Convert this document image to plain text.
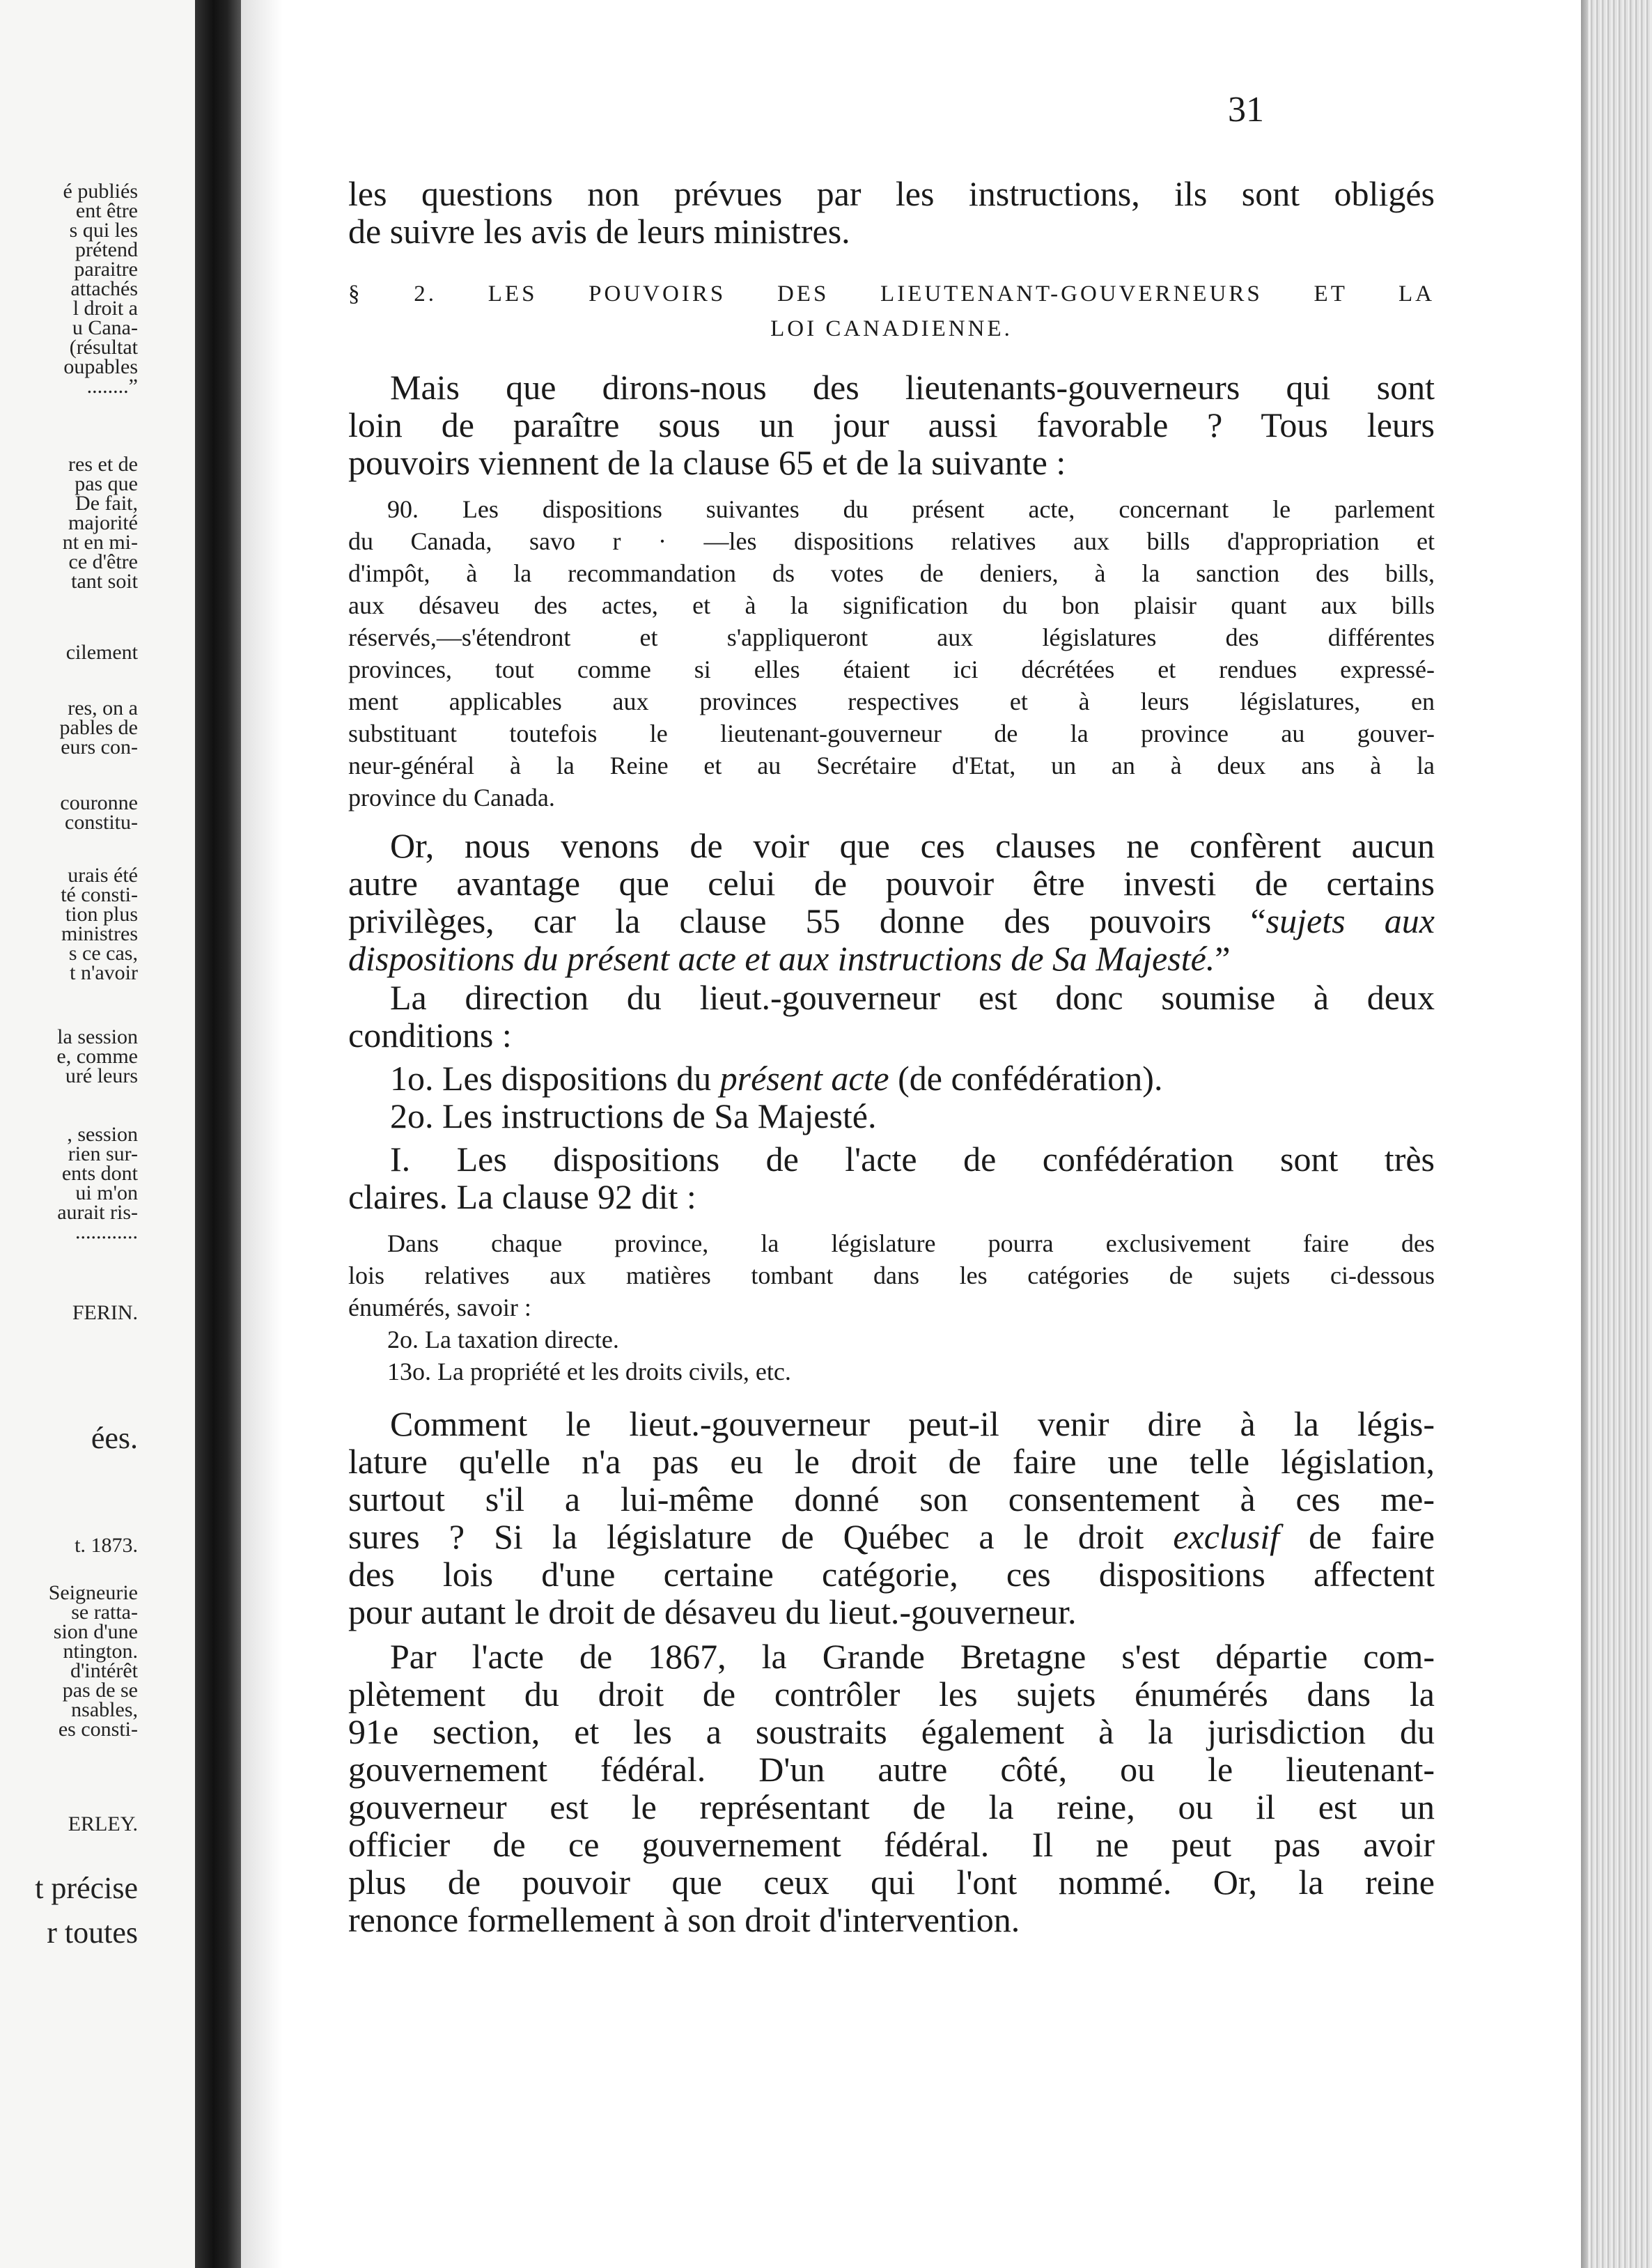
é publiés
ent être
s qui les
prétend
paraitre
attachés
l droit a
u Cana-
(résultat
oupables
........”
res et de
pas que
De fait,
majorité
nt en mi-
ce d'être
tant soit
cilement
res, on a
pables de
eurs con-
couronne
constitu-
urais été
té consti-
tion plus
ministres
s ce cas,
t n'avoir
la session
e, comme
uré leurs
, session
rien sur-
ents dont
ui m'on
aurait ris-
............
FERIN.
ées.
t. 1873.
Seigneurie
se ratta-
sion d'une
ntington.
d'intérêt
pas de se
nsables,
es consti-
ERLEY.
t précise
r toutes
31
les questions non prévues par les instructions, ils sont obligés
de suivre les avis de leurs ministres.
§ 2. LES POUVOIRS DES LIEUTENANT-GOUVERNEURS ET LA
LOI CANADIENNE.
Mais que dirons-nous des lieutenants-gouverneurs qui sont
loin de paraître sous un jour aussi favorable ? Tous leurs
pouvoirs viennent de la clause 65 et de la suivante :
90. Les dispositions suivantes du présent acte, concernant le parlement
du Canada, savo r · —les dispositions relatives aux bills d'appropriation et
d'impôt, à la recommandation ds votes de deniers, à la sanction des bills,
aux désaveu des actes, et à la signification du bon plaisir quant aux bills
réservés,—s'étendront et s'appliqueront aux législatures des différentes
provinces, tout comme si elles étaient ici décrétées et rendues expressé-
ment applicables aux provinces respectives et à leurs législatures, en
substituant toutefois le lieutenant-gouverneur de la province au gouver-
neur-général à la Reine et au Secrétaire d'Etat, un an à deux ans à la
province du Canada.
Or, nous venons de voir que ces clauses ne confèrent aucun
autre avantage que celui de pouvoir être investi de certains
privilèges, car la clause 55 donne des pouvoirs “sujets aux
dispositions du présent acte et aux instructions de Sa Majesté.”
La direction du lieut.-gouverneur est donc soumise à deux
conditions :
1o. Les dispositions du présent acte (de confédération).
2o. Les instructions de Sa Majesté.
I. Les dispositions de l'acte de confédération sont très
claires. La clause 92 dit :
Dans chaque province, la législature pourra exclusivement faire des
lois relatives aux matières tombant dans les catégories de sujets ci-dessous
énumérés, savoir :
2o. La taxation directe.
13o. La propriété et les droits civils, etc.
Comment le lieut.-gouverneur peut-il venir dire à la légis-
lature qu'elle n'a pas eu le droit de faire une telle législation,
surtout s'il a lui-même donné son consentement à ces me-
sures ? Si la législature de Québec a le droit exclusif de faire
des lois d'une certaine catégorie, ces dispositions affectent
pour autant le droit de désaveu du lieut.-gouverneur.
Par l'acte de 1867, la Grande Bretagne s'est départie com-
plètement du droit de contrôler les sujets énumérés dans la
91e section, et les a soustraits également à la jurisdiction du
gouvernement fédéral. D'un autre côté, ou le lieutenant-
gouverneur est le représentant de la reine, ou il est un
officier de ce gouvernement fédéral. Il ne peut pas avoir
plus de pouvoir que ceux qui l'ont nommé. Or, la reine
renonce formellement à son droit d'intervention.
